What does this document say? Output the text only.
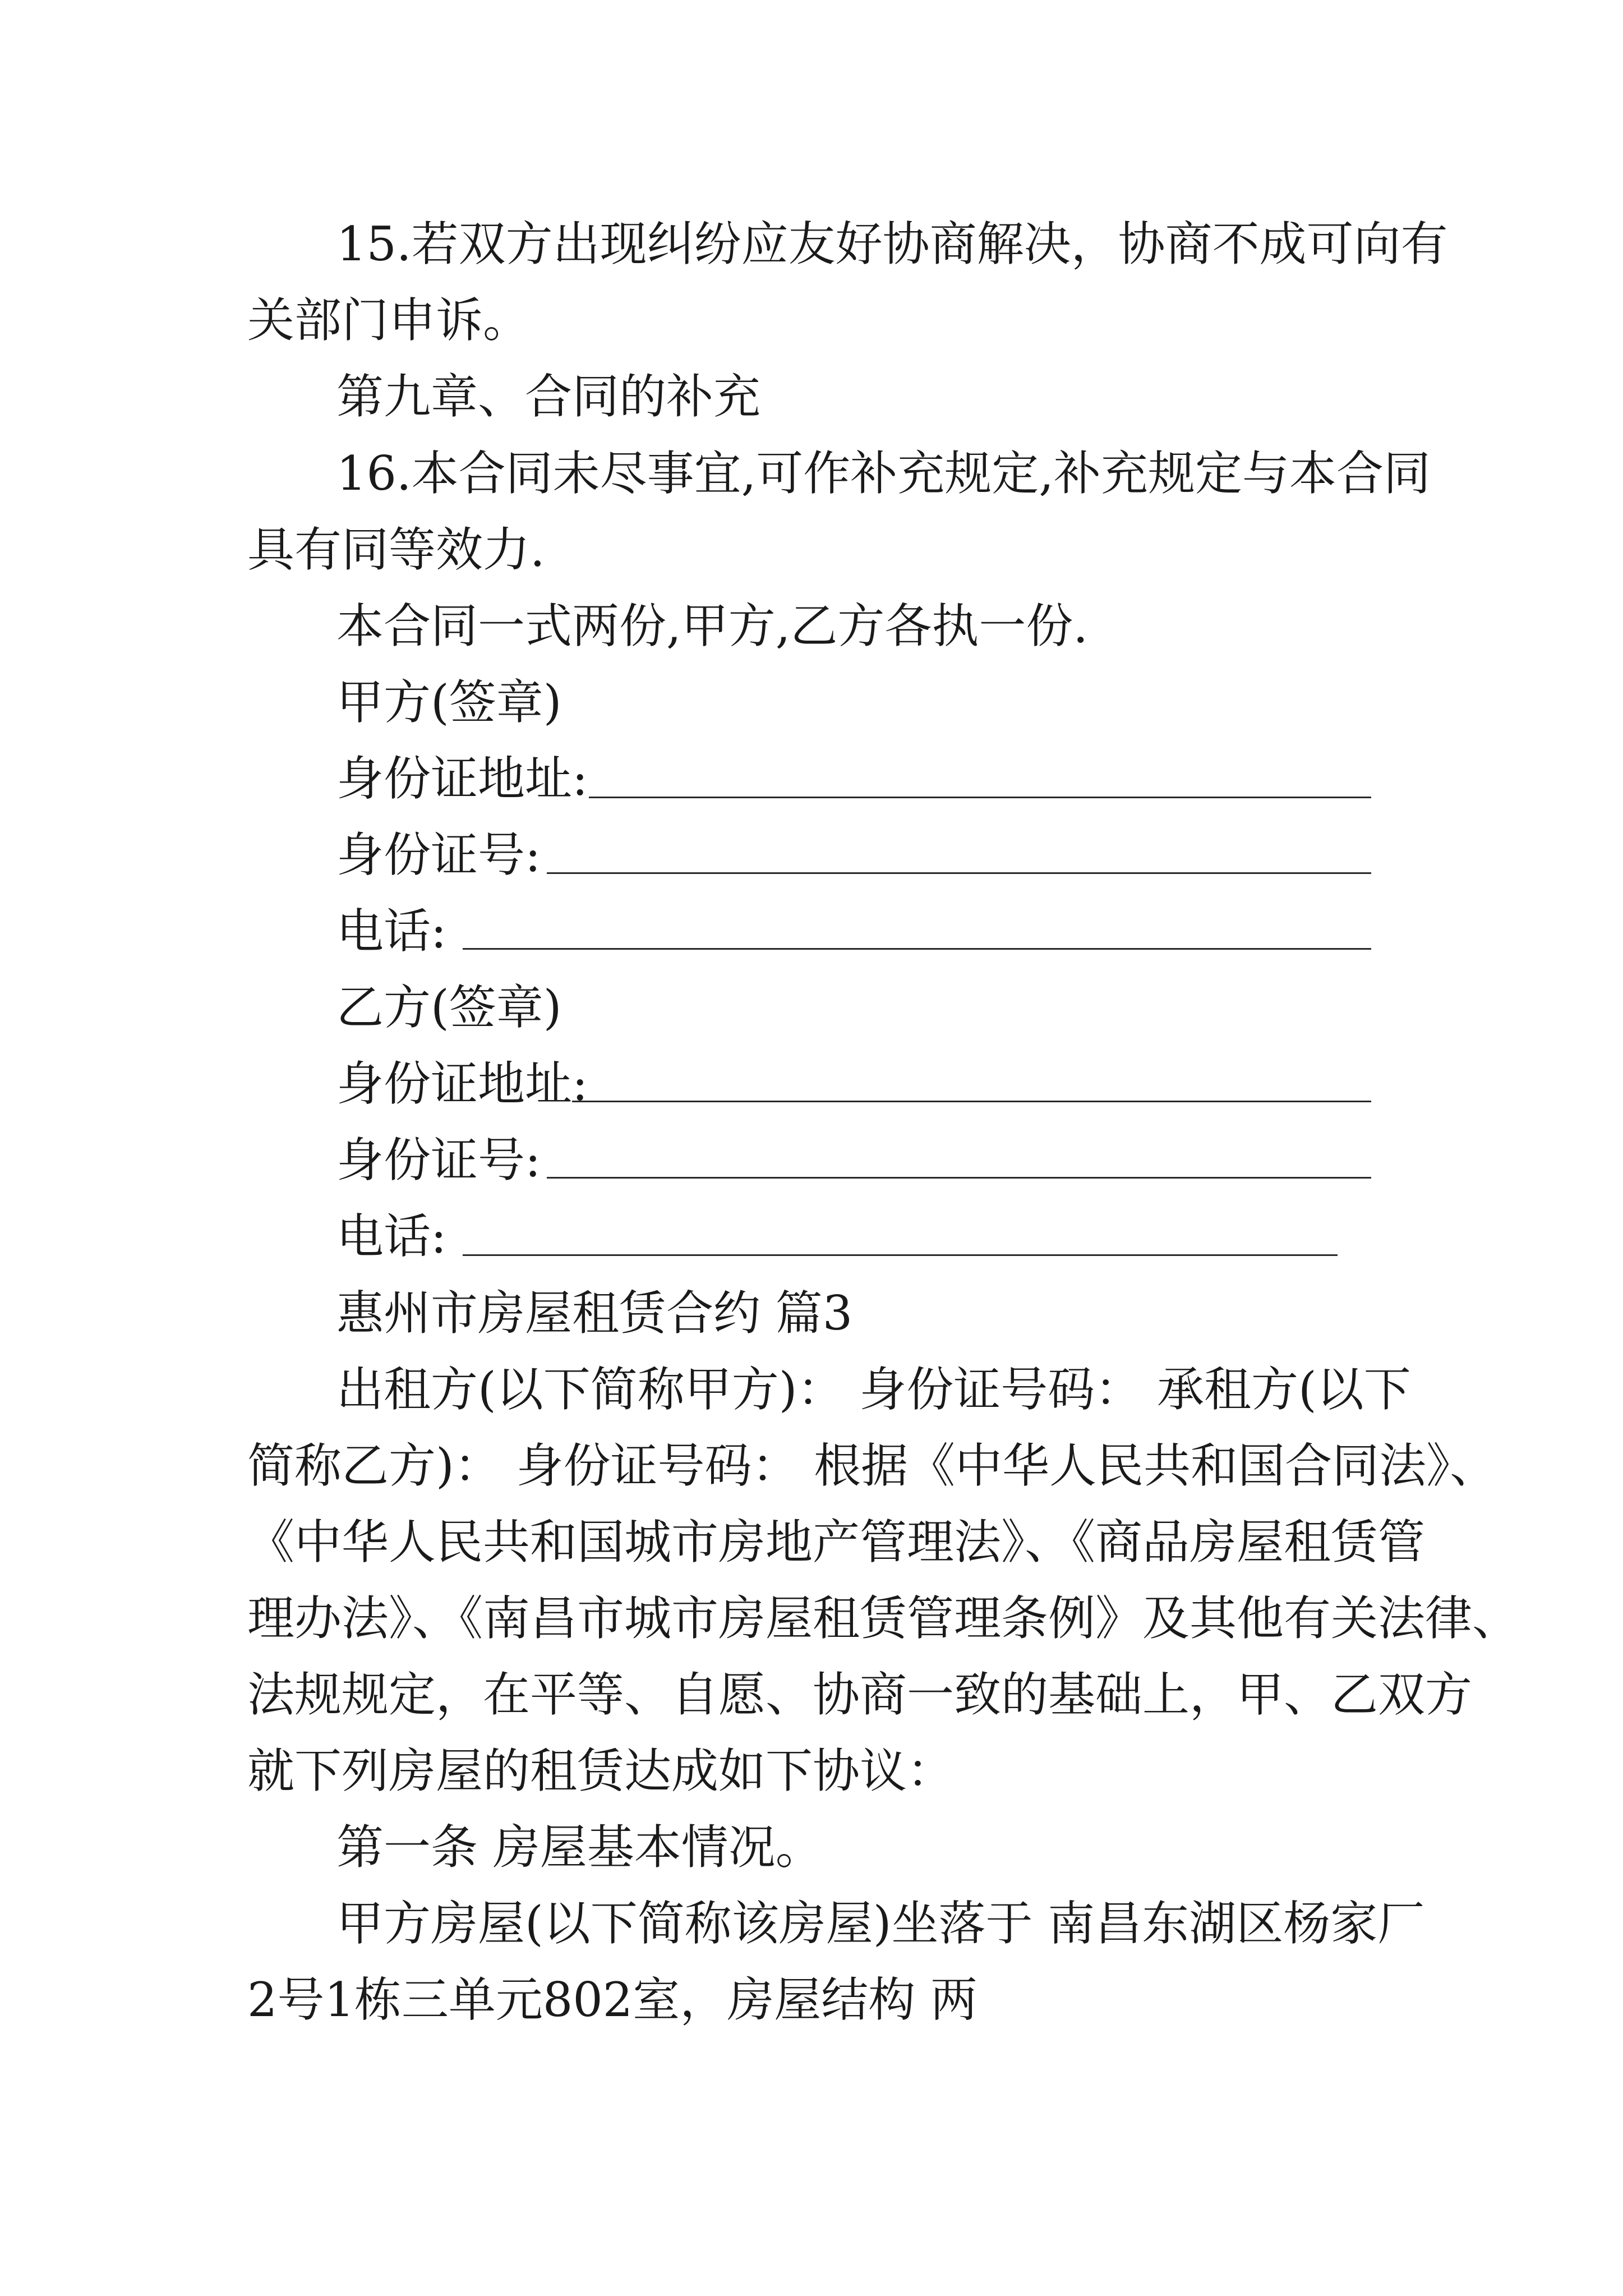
15.若双方出现纠纷应友好协商解决，协商不成可向有
关部门申诉。
第九章、合同的补充
16.本合同未尽事宜,可作补充规定,补充规定与本合同
具有同等效力.
本合同一式两份,甲方,乙方各执一份.
甲方(签章)
身份证地址:
身份证号:
电话:
乙方(签章)
身份证地址:
身份证号:
电话:
惠州市房屋租赁合约 篇3
出租方(以下简称甲方)： 身份证号码： 承租方(以下
简称乙方)： 身份证号码： 根据《中华人民共和国合同法》、
《中华人民共和国城市房地产管理法》、《商品房屋租赁管
理办法》、《南昌市城市房屋租赁管理条例》及其他有关法律、
法规规定，在平等、自愿、协商一致的基础上，甲、乙双方
就下列房屋的租赁达成如下协议：
第一条 房屋基本情况。
甲方房屋(以下简称该房屋)坐落于 南昌东湖区杨家厂
2号1栋三单元802室，房屋结构 两
